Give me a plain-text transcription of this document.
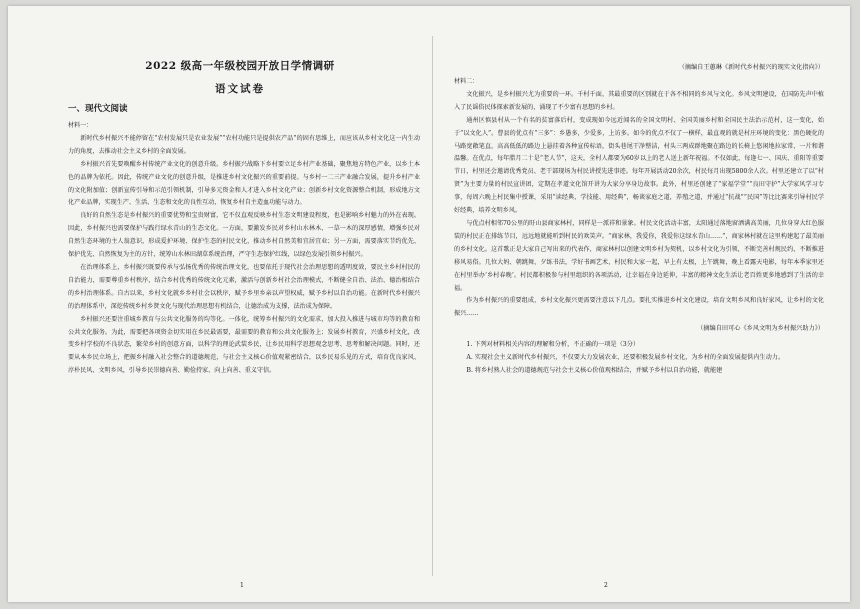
2022 级高一年级校园开放日学情调研
语文试卷
一、现代文阅读

材料一：

新时代乡村振兴不能停留在“农村发展只是农业发展”“农村功能只是提供农产品”的固有思维上，而应该从乡村文化这一内生动力的角度，去推动社会主义乡村的全面发展。

乡村振兴首先要唤醒乡村传统产业文化的创意升级。乡村振兴战略下乡村要立足乡村产业基础，聚焦地方特色产业，以乡土本色的品牌为依托。因此，传统产业文化的创意升级，是推进乡村文化振兴的重要前提。与乡村一二三产业融合发展，提升乡村产业的文化附加值；创新宣传引导和示范引领机制，引导多元资金和人才进入乡村文化产业；创新乡村文化资源整合机制，形成地方文化产业品牌，实现生产、生活、生态和文化的良性互动，恢复乡村自主造血功能与动力。

良好的自然生态是乡村振兴的重要优势和宝贵财富，它不仅直观反映乡村生态文明建设程度，也是影响乡村魅力的外在表现。因此，乡村振兴也需要保护与践行绿水青山的生态文化。一方面，要激发乡民对乡村山水林木、一草一木的深厚感情，增强乡民对自然生态环境的主人翁意识，形成爱护环境、保护生态的村民文化，推动乡村自然美和宜居宜业；另一方面，需要落实节约优先、保护优先、自然恢复为主的方针，统筹山水林田湖草系统治理，严守生态保护红线，以绿色发展引领乡村振兴。

在治理体系上，乡村振兴既要传承与弘扬优秀的传统治理文化，也要依托于现代社会治理思想的透明度效，要民主乡村村民的自治能力，需要尊重乡村秩序，结合乡村优秀的传统文化元素，激活与创新乡村社会治理模式，不断健全自治、法治、德治相结合的乡村治理体系。自古以来，乡村文化就乡乡村社会以秩序，赋予乡里乡亲以声望权威，赋予乡村以自治功能。在新时代乡村振兴的治理体系中，深挖传统乡村乡贤文化与现代治理思想有机结合，让德治成为支撑，法治成为保障。

乡村振兴还要注重城乡教育与公共文化服务的均等化。一体化，统筹乡村振兴的文化需求，加大投入推进与城市均等的教育和公共文化服务。为此，需要把各项资金切实用在乡民最需要，最需要的教育和公共文化服务上；发展乡村教育，兴盛乡村文化，改变乡村学校的不良状态，繁荣乡村的创意方面，以科学的理论武装乡民，让乡民用科学思想观念思考、思考和解决问题。同时，还要从本乡民立场上，把振乡村融入社会整合的道德规范，与社会主义核心价值观紧密结合，以乡民易乐见的方式，培育优良家风、淳朴民风、文明乡风，引导乡民崇德向善、勤俭持家、向上向善、重义守信。

1
（摘编自王蕙琳《新时代乡村振兴的现实文化指向》）

材料二：

文化振兴，是乡村振兴尤为重要的一环。千村千面，其最重要的区别就在于各不相同的乡风与文化。乡风文明建设，在国防先声中植入了民谣俗民体探索新发展的，涌现了不少富有思想的乡村。

通州区慎县村从一个有名的贫富落后村，变成现如今远近闻名的全国文明村、全国美丽乡村和全国民主法治示范村，这一变化，始于“以文化人”。曹县的优点有“三多”：乡愚多，少爱多，上访多。如今的优点不仅了一横样，最直观的就是村庄环境的变化：黑色硬化的马路宽敞笔直，高高低低的路边上悬挂着各种宣传标语，街头巷尾干净整洁，村头三两成群地聚在路边的长椅上悠闲地拉家常，一片和谐温馨。在优点，每年腊月二十是“老人节”，这天，全村人都要为60岁以上的老人送上新年祝福。不仅如此，每逢七一、国庆、重阳等重要节日，村里还会邀请优秀党员、老干部现场为村民讲授先进事迹。每年开展活动20余次，村民每月出现5800余人次。村里还建立了以“村贤”为主要力量的村民宣讲团，定期在孝道文化馆开讲为大家分享身边故事。此外，村里还创建了“家福学堂”“良田守护”大学家风学习专事，每周六晚上村民集中授课，采用“读经典、学技能、用经典”，畅谈家庭之道，养殖之道，并通过“抗战”“民国”等比比赛来引导村民学好经典，培养文明乡风。

与优点村相邻70公里的盱山县商家林村，同样是一派祥和景象。村民文化活动丰富，太阳通过落地窗洒满高美丽，几位身穿大红色服装的村民正在排练节目，远远地就能听到村民的欢笑声。“商家林，我爱你，我爱你这绿水青山……”，商家林村就在这里构建起了最美丽的乡村文化。这首歌正是大家自己写出来的代表作，商家林村以创建文明乡村为契机，以乡村文化为引领，不断完善村规民约，不断推进移风易俗。几位大妈、朝跳舞，夕练书法，学好书画艺术，村民和大家一起，早上有太极，上午跳舞，晚上看露天电影，每年本季家里还在村里举办‘乡村春晚’。村民都积极参与村里组织的各项活动，让幸福在身边延伸，丰富的精神文化生活让老百姓更多地感到了生活的幸福。

作为乡村振兴的重要组成，乡村文化振兴更需要注意以下几点。要扎实推进乡村文化建设，培育文明乡风和良好家风，让乡村的文化振兴……

（摘编自田可心《乡风文明为乡村振兴助力》）

1. 下列对材料相关内容的理解和分析，不正确的一项是（3分）

A. 实现社会主义新时代乡村振兴，不仅要大力发展农业，还要积极发展乡村文化，为乡村的全面发展提供内生动力。

B. 将乡村熟人社会的道德规范与社会主义核心价值观相结合，并赋予乡村以自治功能，就能建

2
